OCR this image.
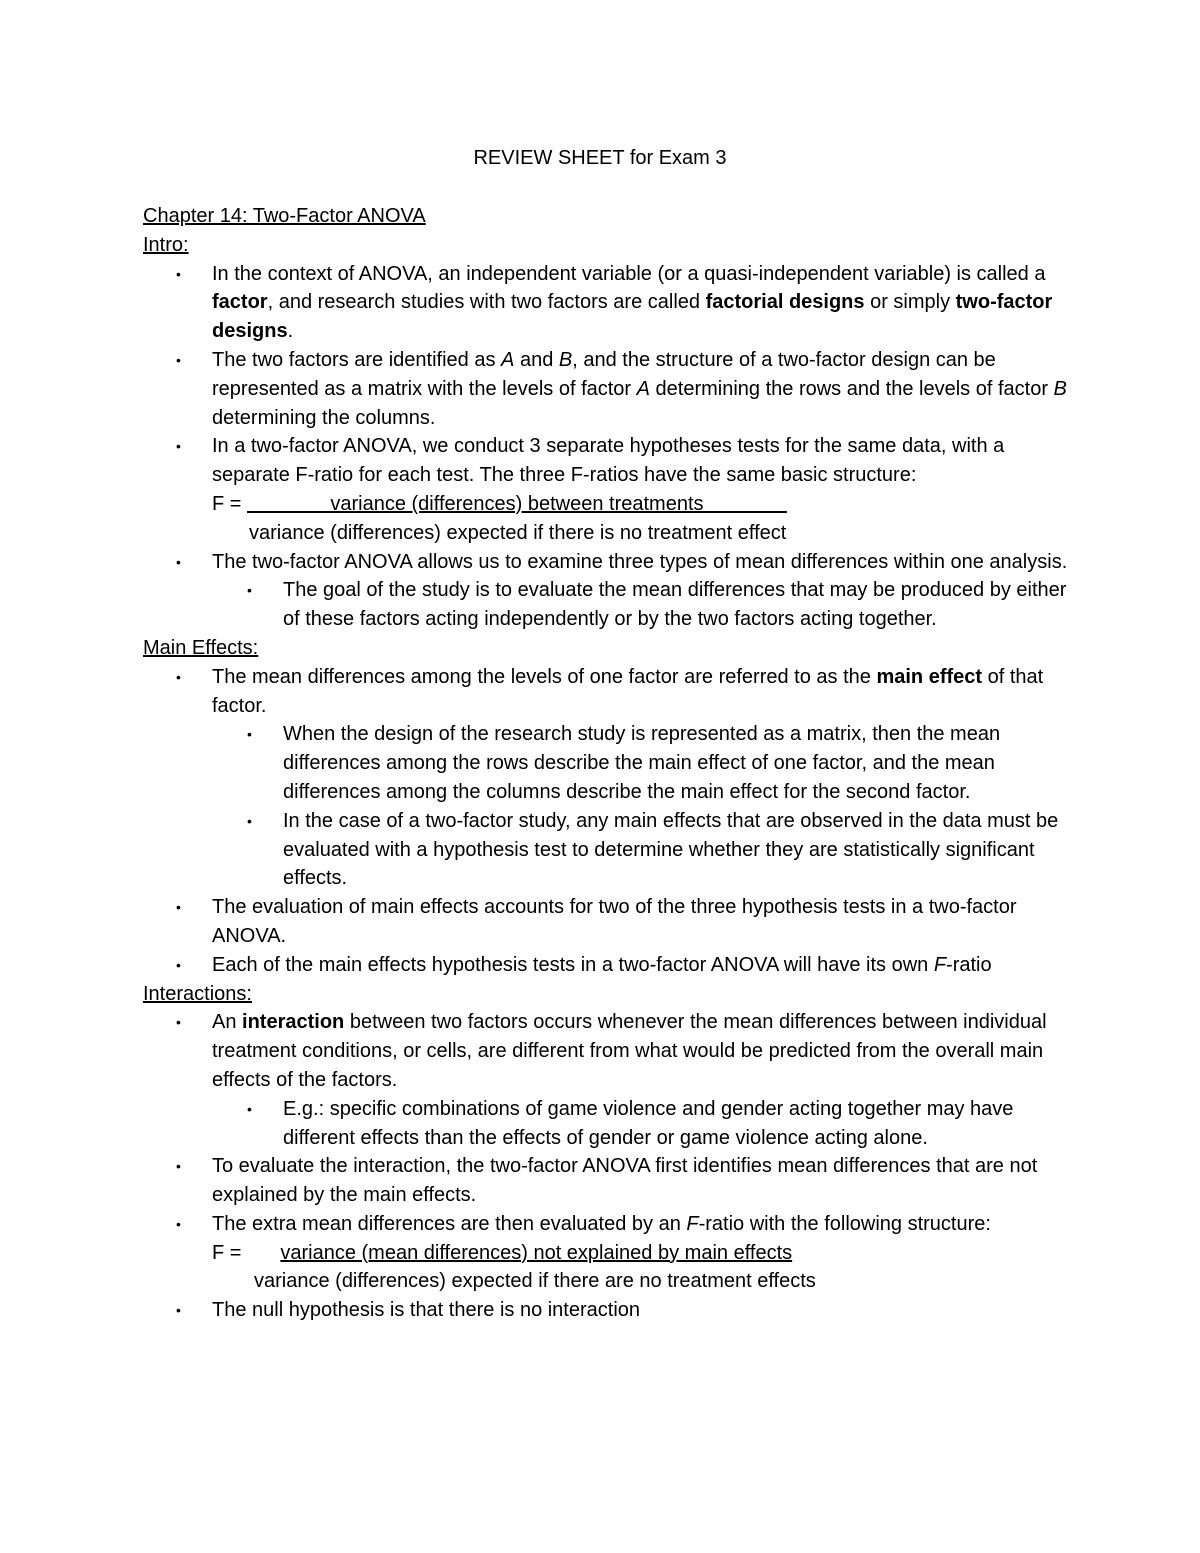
REVIEW SHEET for Exam 3
Chapter 14: Two-Factor ANOVA
Intro:
• In the context of ANOVA, an independent variable (or a quasi-independent variable) is called a factor, and research studies with two factors are called factorial designs or simply two-factor designs.
• The two factors are identified as A and B, and the structure of a two-factor design can be represented as a matrix with the levels of factor A determining the rows and the levels of factor B determining the columns.
• In a two-factor ANOVA, we conduct 3 separate hypotheses tests for the same data, with a separate F-ratio for each test. The three F-ratios have the same basic structure:
F =                variance (differences) between treatments
variance (differences) expected if there is no treatment effect
• The two-factor ANOVA allows us to examine three types of mean differences within one analysis.
• The goal of the study is to evaluate the mean differences that may be produced by either of these factors acting independently or by the two factors acting together.
Main Effects:
• The mean differences among the levels of one factor are referred to as the main effect of that factor.
• When the design of the research study is represented as a matrix, then the mean differences among the rows describe the main effect of one factor, and the mean differences among the columns describe the main effect for the second factor.
• In the case of a two-factor study, any main effects that are observed in the data must be evaluated with a hypothesis test to determine whether they are statistically significant effects.
• The evaluation of main effects accounts for two of the three hypothesis tests in a two-factor ANOVA.
• Each of the main effects hypothesis tests in a two-factor ANOVA will have its own F-ratio
Interactions:
• An interaction between two factors occurs whenever the mean differences between individual treatment conditions, or cells, are different from what would be predicted from the overall main effects of the factors.
• E.g.: specific combinations of game violence and gender acting together may have different effects than the effects of gender or game violence acting alone.
• To evaluate the interaction, the two-factor ANOVA first identifies mean differences that are not explained by the main effects.
• The extra mean differences are then evaluated by an F-ratio with the following structure:
F =       variance (mean differences) not explained by main effects
variance (differences) expected if there are no treatment effects
• The null hypothesis is that there is no interaction
